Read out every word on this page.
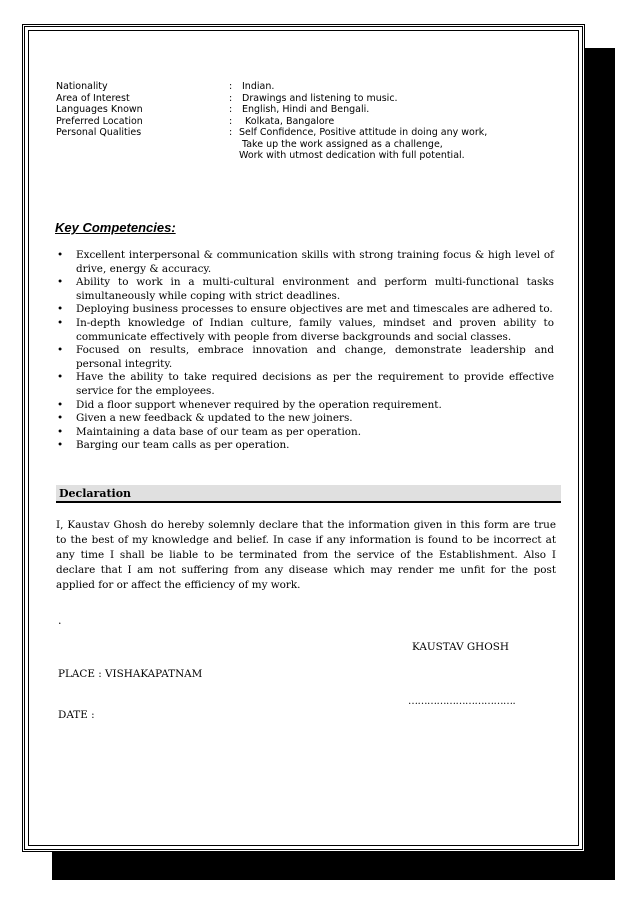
Nationality	: Indian.
Area of Interest	: Drawings and listening to music.
Languages Known	: English, Hindi and Bengali.
Preferred Location	: Kolkata, Bangalore
Personal Qualities	: Self Confidence, Positive attitude in doing any work,
Take up the work assigned as a challenge,
Work with utmost dedication with full potential.
Key Competencies:
• Excellent interpersonal & communication skills with strong training focus & high level of drive, energy & accuracy.
• Ability to work in a multi-cultural environment and perform multi-functional tasks simultaneously while coping with strict deadlines.
• Deploying business processes to ensure objectives are met and timescales are adhered to.
• In-depth knowledge of Indian culture, family values, mindset and proven ability to communicate effectively with people from diverse backgrounds and social classes.
• Focused on results, embrace innovation and change, demonstrate leadership and personal integrity.
• Have the ability to take required decisions as per the requirement to provide effective service for the employees.
• Did a floor support whenever required by the operation requirement.
• Given a new feedback & updated to the new joiners.
• Maintaining a data base of our team as per operation.
• Barging our team calls as per operation.
Declaration

I, Kaustav Ghosh do hereby solemnly declare that the information given in this form are true to the best of my knowledge and belief. In case if any information is found to be incorrect at any time I shall be liable to be terminated from the service of the Establishment. Also I declare that I am not suffering from any disease which may render me unfit for the post applied for or affect the efficiency of my work.

.
KAUSTAV GHOSH
PLACE : VISHAKAPATNAM
…………………………….
DATE :
